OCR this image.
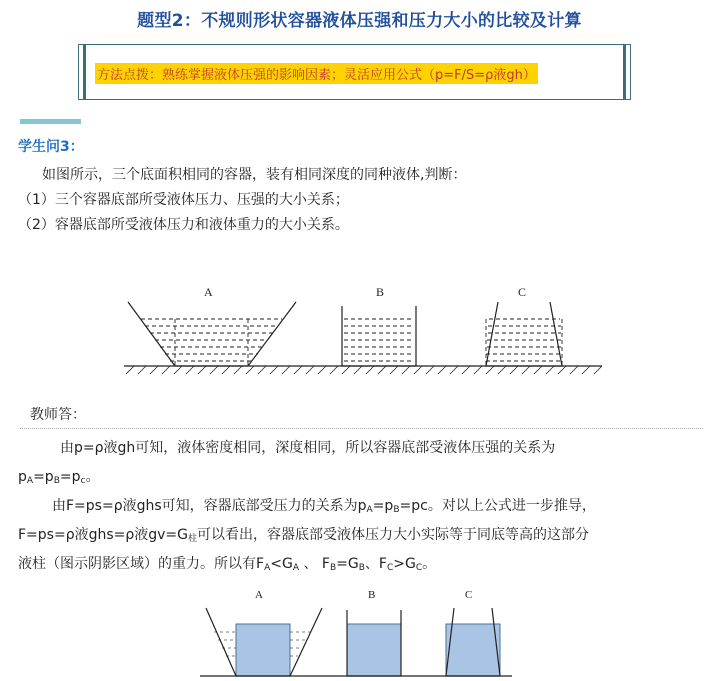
题型2：不规则形状容器液体压强和压力大小的比较及计算
方法点拨：熟练掌握液体压强的影响因素；灵活应用公式（p=F/S=ρ液gh）
学生问3：
如图所示，三个底面积相同的容器，装有相同深度的同种液体,判断：
（1）三个容器底部所受液体压力、压强的大小关系；
（2）容器底部所受液体压力和液体重力的大小关系。
A	B	C
教师答：
由p=ρ液gh可知，液体密度相同，深度相同，所以容器底部受液体压强的关系为
pA=pB=pc。
由F=ps=ρ液ghs可知，容器底部受压力的关系为pA=pB=pc。对以上公式进一步推导，
F=ps=ρ液ghs=ρ液gv=G柱可以看出，容器底部受液体压力大小实际等于同底等高的这部分
液柱（图示阴影区域）的重力。所以有FA<GA 、 FB=GB、FC>GC。
A	B	C
